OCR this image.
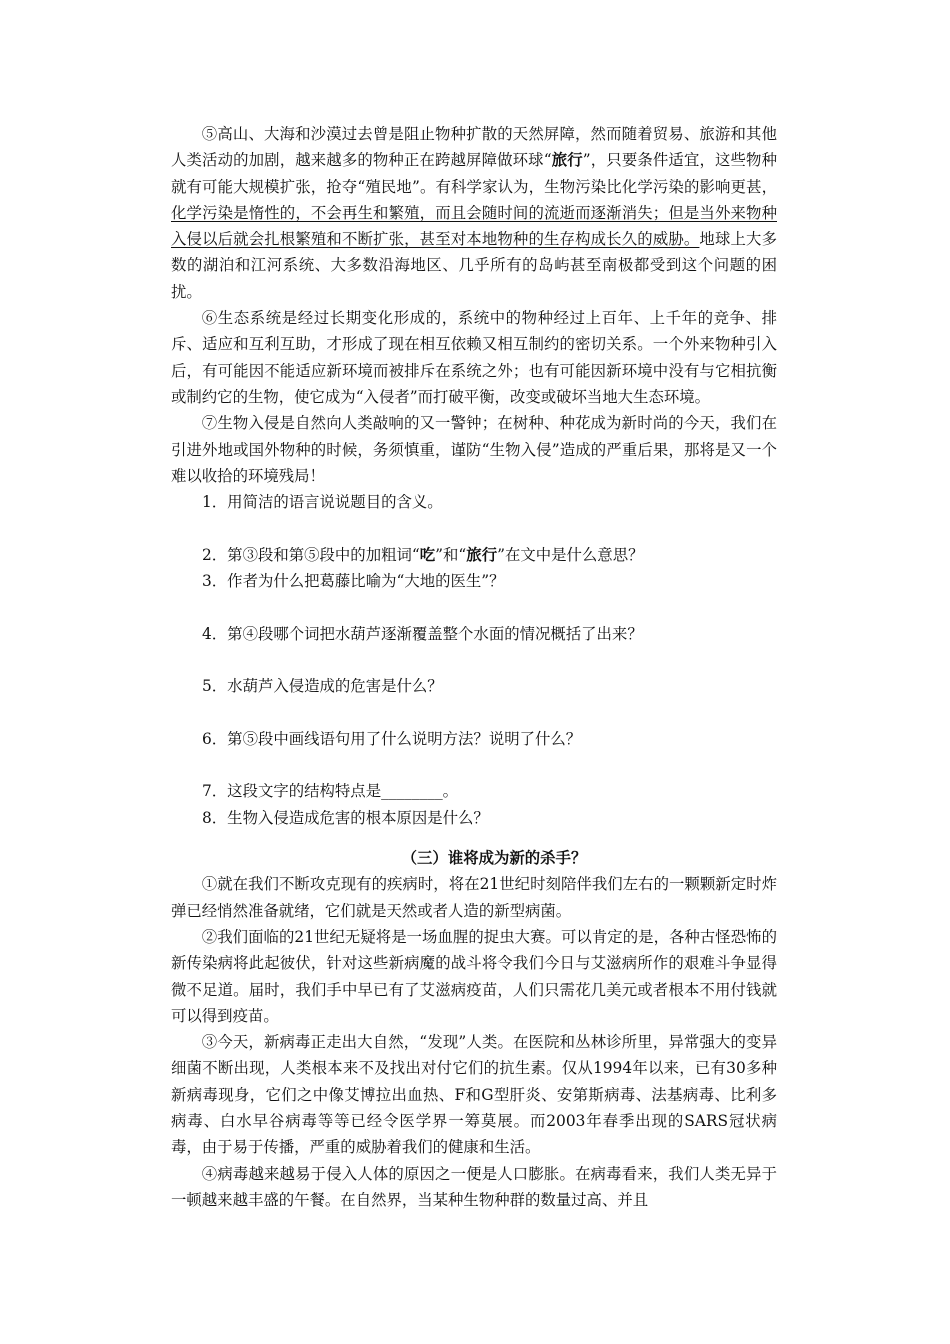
⑤高山、大海和沙漠过去曾是阻止物种扩散的天然屏障，然而随着贸易、旅游和其他人类活动的加剧，越来越多的物种正在跨越屏障做环球“旅行”，只要条件适宜，这些物种就有可能大规模扩张，抢夺“殖民地”。有科学家认为，生物污染比化学污染的影响更甚，化学污染是惰性的，不会再生和繁殖，而且会随时间的流逝而逐渐消失；但是当外来物种入侵以后就会扎根繁殖和不断扩张，甚至对本地物种的生存构成长久的威胁。地球上大多数的湖泊和江河系统、大多数沿海地区、几乎所有的岛屿甚至南极都受到这个问题的困扰。

⑥生态系统是经过长期变化形成的，系统中的物种经过上百年、上千年的竞争、排斥、适应和互利互助，才形成了现在相互依赖又相互制约的密切关系。一个外来物种引入后，有可能因不能适应新环境而被排斥在系统之外；也有可能因新环境中没有与它相抗衡或制约它的生物，使它成为“入侵者”而打破平衡，改变或破坏当地大生态环境。

⑦生物入侵是自然向人类敲响的又一警钟；在树种、种花成为新时尚的今天，我们在引进外地或国外物种的时候，务须慎重，谨防“生物入侵”造成的严重后果，那将是又一个难以收拾的环境残局！

1．用简洁的语言说说题目的含义。

2．第③段和第⑤段中的加粗词“吃”和“旅行”在文中是什么意思？

3．作者为什么把葛藤比喻为“大地的医生”？

4．第④段哪个词把水葫芦逐渐覆盖整个水面的情况概括了出来？

5．水葫芦入侵造成的危害是什么？

6．第⑤段中画线语句用了什么说明方法？说明了什么？

7．这段文字的结构特点是________。

8．生物入侵造成危害的根本原因是什么？

（三）谁将成为新的杀手？

①就在我们不断攻克现有的疾病时，将在21世纪时刻陪伴我们左右的一颗颗新定时炸弹已经悄然准备就绪，它们就是天然或者人造的新型病菌。

②我们面临的21世纪无疑将是一场血腥的捉虫大赛。可以肯定的是，各种古怪恐怖的新传染病将此起彼伏，针对这些新病魔的战斗将令我们今日与艾滋病所作的艰难斗争显得微不足道。届时，我们手中早已有了艾滋病疫苗，人们只需花几美元或者根本不用付钱就可以得到疫苗。

③今天，新病毒正走出大自然，“发现”人类。在医院和丛林诊所里，异常强大的变异细菌不断出现，人类根本来不及找出对付它们的抗生素。仅从1994年以来，已有30多种新病毒现身，它们之中像艾博拉出血热、F和G型肝炎、安第斯病毒、法基病毒、比利多病毒、白水早谷病毒等等已经令医学界一筹莫展。而2003年春季出现的SARS冠状病毒，由于易于传播，严重的威胁着我们的健康和生活。

④病毒越来越易于侵入人体的原因之一便是人口膨胀。在病毒看来，我们人类无异于一顿越来越丰盛的午餐。在自然界，当某种生物种群的数量过高、并且
